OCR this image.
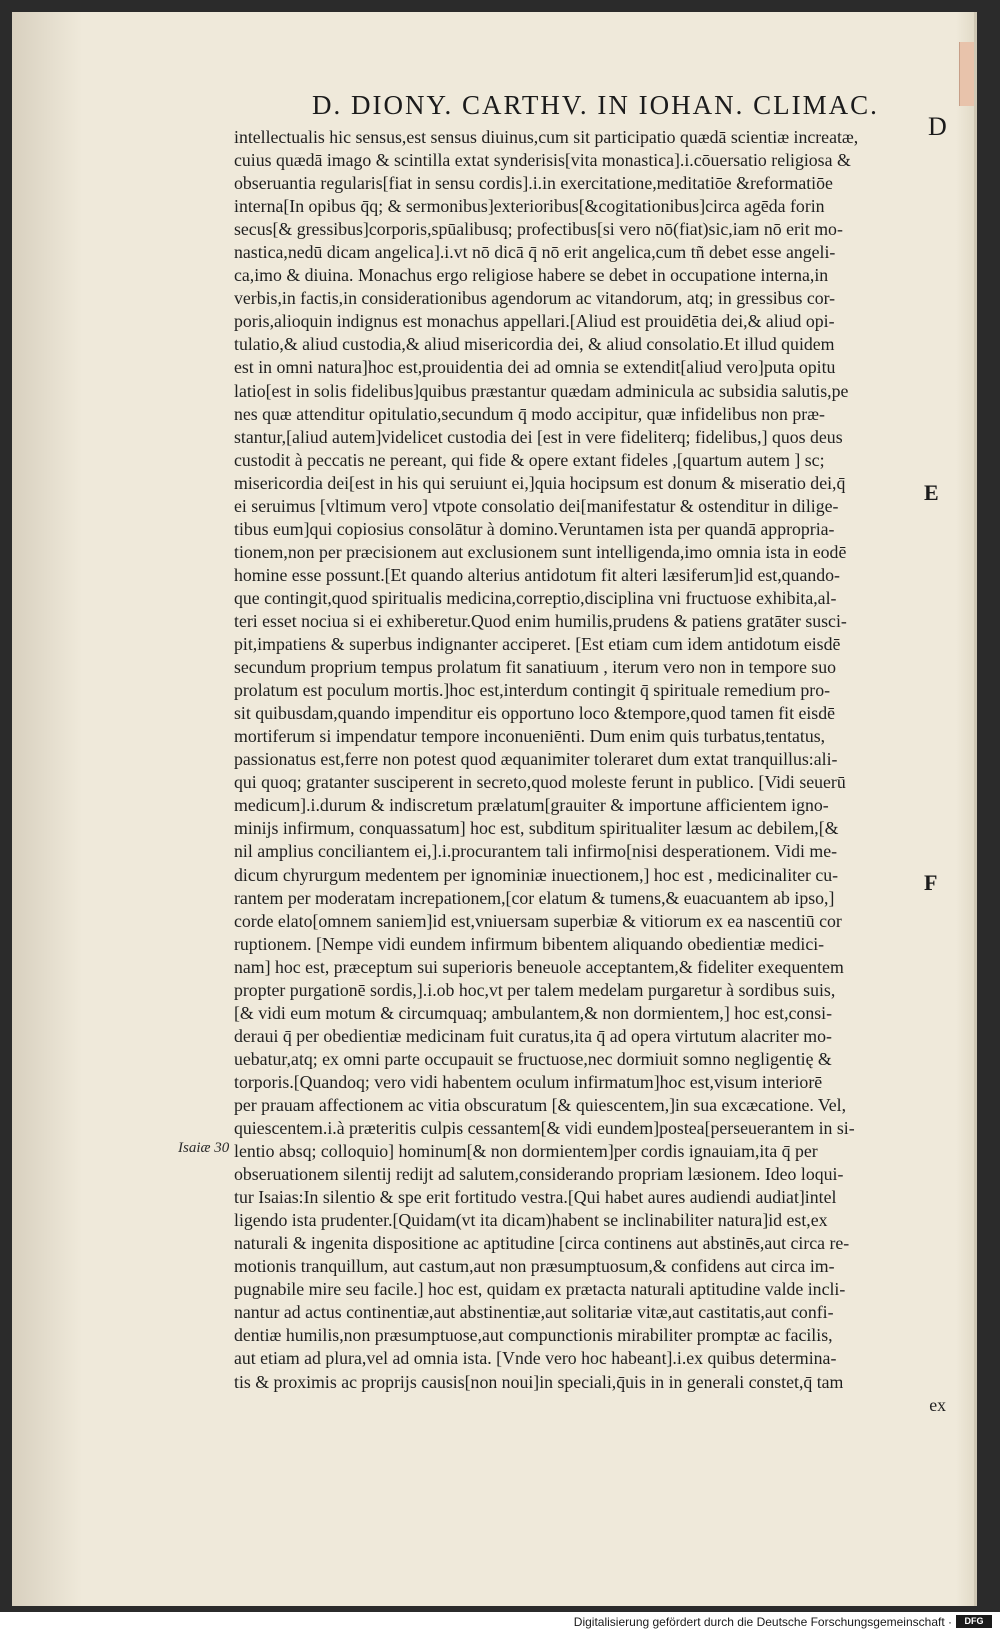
D. DIONY. CARTHV. IN IOHAN. CLIMAC.
D
E
F
Isaiæ 30
intellectualis hic sensus,est sensus diuinus,cum sit participatio quædā scientiæ increatæ,
cuius quædā imago & scintilla extat synderisis[vita monastica].i.cōuersatio religiosa &
obseruantia regularis[fiat in sensu cordis].i.in exercitatione,meditatiōe &reformatiōe
interna[In opibus q̄q; & sermonibus]exterioribus[&cogitationibus]circa agēda forin
secus[& gressibus]corporis,spūalibusq; profectibus[si vero nō(fiat)sic,iam nō erit mo-
nastica,nedū dicam angelica].i.vt nō dicā q̄ nō erit angelica,cum tñ debet esse angeli-
ca,imo & diuina. Monachus ergo religiose habere se debet in occupatione interna,in
verbis,in factis,in considerationibus agendorum ac vitandorum, atq; in gressibus cor-
poris,alioquin indignus est monachus appellari.[Aliud est prouidētia dei,& aliud opi-
tulatio,& aliud custodia,& aliud misericordia dei, & aliud consolatio.Et illud quidem
est in omni natura]hoc est,prouidentia dei ad omnia se extendit[aliud vero]puta opitu
latio[est in solis fidelibus]quibus præstantur quædam adminicula ac subsidia salutis,pe
nes quæ attenditur opitulatio,secundum q̄ modo accipitur, quæ infidelibus non præ-
stantur,[aliud autem]videlicet custodia dei [est in vere fideliterq; fidelibus,] quos deus
custodit à peccatis ne pereant, qui fide & opere extant fideles ,[quartum autem ] sc;
misericordia dei[est in his qui seruiunt ei,]quia hocipsum est donum & miseratio dei,q̄
ei seruimus [vltimum vero] vtpote consolatio dei[manifestatur & ostenditur in dilige-
tibus eum]qui copiosius consolātur à domino.Veruntamen ista per quandā appropria-
tionem,non per præcisionem aut exclusionem sunt intelligenda,imo omnia ista in eodē
homine esse possunt.[Et quando alterius antidotum fit alteri læsiferum]id est,quando-
que contingit,quod spiritualis medicina,correptio,disciplina vni fructuose exhibita,al-
teri esset nociua si ei exhiberetur.Quod enim humilis,prudens & patiens gratāter susci-
pit,impatiens & superbus indignanter acciperet. [Est etiam cum idem antidotum eisdē
secundum proprium tempus prolatum fit sanatiuum , iterum vero non in tempore suo
prolatum est poculum mortis.]hoc est,interdum contingit q̄ spirituale remedium pro-
sit quibusdam,quando impenditur eis opportuno loco &tempore,quod tamen fit eisdē
mortiferum si impendatur tempore inconueniēnti. Dum enim quis turbatus,tentatus,
passionatus est,ferre non potest quod æquanimiter toleraret dum extat tranquillus:ali-
qui quoq; gratanter susciperent in secreto,quod moleste ferunt in publico. [Vidi seuerū
medicum].i.durum & indiscretum prælatum[grauiter & importune afficientem igno-
minijs infirmum, conquassatum] hoc est, subditum spiritualiter læsum ac debilem,[&
nil amplius conciliantem ei,].i.procurantem tali infirmo[nisi desperationem. Vidi me-
dicum chyrurgum medentem per ignominiæ inuectionem,] hoc est , medicinaliter cu-
rantem per moderatam increpationem,[cor elatum & tumens,& euacuantem ab ipso,]
corde elato[omnem saniem]id est,vniuersam superbiæ & vitiorum ex ea nascentiū cor
ruptionem. [Nempe vidi eundem infirmum bibentem aliquando obedientiæ medici-
nam] hoc est, præceptum sui superioris beneuole acceptantem,& fideliter exequentem
propter purgationē sordis,].i.ob hoc,vt per talem medelam purgaretur à sordibus suis,
[& vidi eum motum & circumquaq; ambulantem,& non dormientem,] hoc est,consi-
deraui q̄ per obedientiæ medicinam fuit curatus,ita q̄ ad opera virtutum alacriter mo-
uebatur,atq; ex omni parte occupauit se fructuose,nec dormiuit somno negligentię &
torporis.[Quandoq; vero vidi habentem oculum infirmatum]hoc est,visum interiorē
per prauam affectionem ac vitia obscuratum [& quiescentem,]in sua excæcatione. Vel,
quiescentem.i.à præteritis culpis cessantem[& vidi eundem]postea[perseuerantem in si-
lentio absq; colloquio] hominum[& non dormientem]per cordis ignauiam,ita q̄ per
obseruationem silentij redijt ad salutem,considerando propriam læsionem. Ideo loqui-
tur Isaias:In silentio & spe erit fortitudo vestra.[Qui habet aures audiendi audiat]intel
ligendo ista prudenter.[Quidam(vt ita dicam)habent se inclinabiliter natura]id est,ex
naturali & ingenita dispositione ac aptitudine [circa continens aut abstinēs,aut circa re-
motionis tranquillum, aut castum,aut non præsumptuosum,& confidens aut circa im-
pugnabile mire seu facile.] hoc est, quidam ex prætacta naturali aptitudine valde incli-
nantur ad actus continentiæ,aut abstinentiæ,aut solitariæ vitæ,aut castitatis,aut confi-
dentiæ humilis,non præsumptuose,aut compunctionis mirabiliter promptæ ac facilis,
aut etiam ad plura,vel ad omnia ista. [Vnde vero hoc habeant].i.ex quibus determina-
tis & proximis ac proprijs causis[non noui]in speciali,q̄uis in in generali constet,q̄ tam
ex
Digitalisierung gefördert durch die Deutsche Forschungsgemeinschaft ·	DFG
